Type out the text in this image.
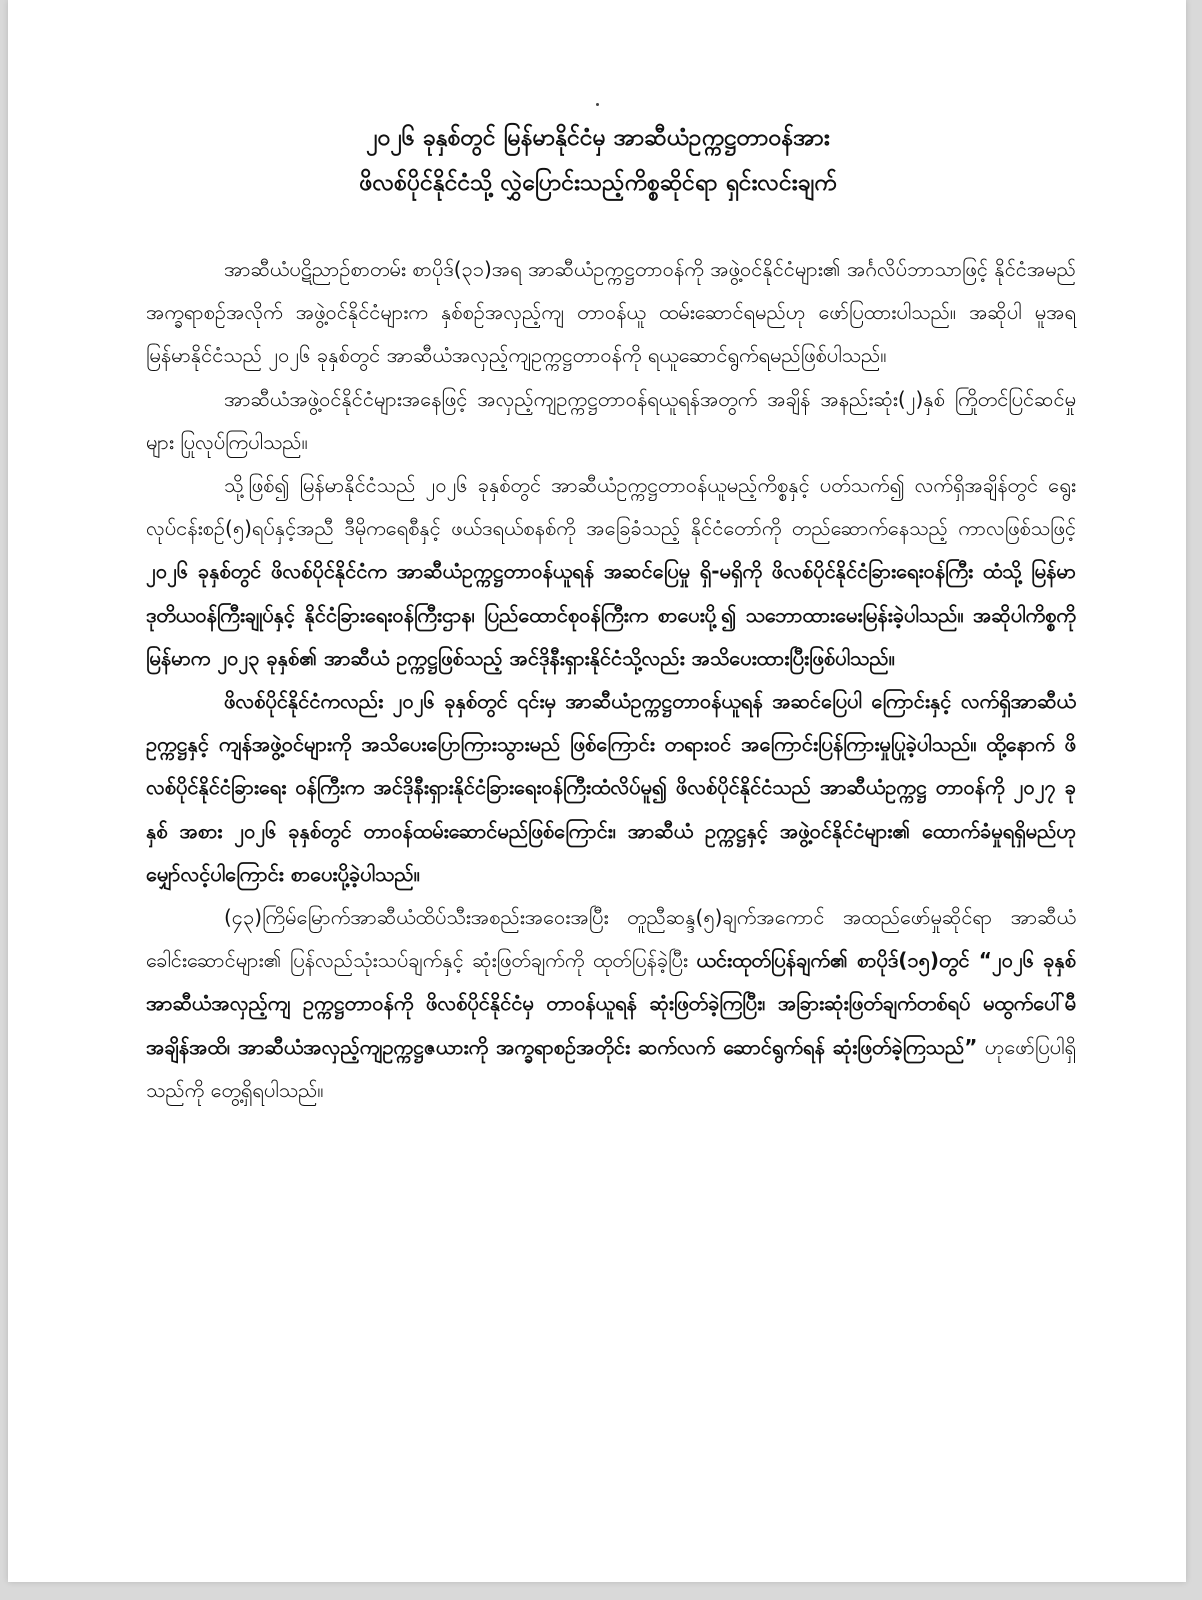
၂၀၂၆ ခုနှစ်တွင် မြန်မာနိုင်ငံမှ အာဆီယံဥက္ကဋ္ဌတာဝန်အား
ဖိလစ်ပိုင်နိုင်ငံသို့ လွှဲပြောင်းသည့်ကိစ္စဆိုင်ရာ ရှင်းလင်းချက်

အာဆီယံပဋိညာဉ်စာတမ်း စာပိုဒ်(၃၁)အရ အာဆီယံဥက္ကဋ္ဌတာဝန်ကို အဖွဲ့ဝင်နိုင်ငံများ၏ အင်္ဂလိပ်ဘာသာဖြင့် နိုင်ငံအမည် အက္ခရာစဉ်အလိုက် အဖွဲ့ဝင်နိုင်ငံများက နှစ်စဉ်အလှည့်ကျ တာဝန်ယူ ထမ်းဆောင်ရမည်ဟု ဖော်ပြထားပါသည်။ အဆိုပါ မူအရ မြန်မာနိုင်ငံသည် ၂၀၂၆ ခုနှစ်တွင် အာဆီယံအလှည့်ကျဥက္ကဋ္ဌတာဝန်ကို ရယူဆောင်ရွက်ရမည်ဖြစ်ပါသည်။

အာဆီယံအဖွဲ့ဝင်နိုင်ငံများအနေဖြင့် အလှည့်ကျဥက္ကဋ္ဌတာဝန်ရယူရန်အတွက် အချိန် အနည်းဆုံး(၂)နှစ် ကြိုတင်ပြင်ဆင်မှုများ ပြုလုပ်ကြပါသည်။

သို့ဖြစ်၍ မြန်မာနိုင်ငံသည် ၂၀၂၆ ခုနှစ်တွင် အာဆီယံဥက္ကဋ္ဌတာဝန်ယူမည့်ကိစ္စနှင့် ပတ်သက်၍ လက်ရှိအချိန်တွင် ရွေးလုပ်ငန်းစဉ်(၅)ရပ်နှင့်အညီ ဒီမိုကရေစီနှင့် ဖယ်ဒရယ်စနစ်ကို အခြေခံသည့် နိုင်ငံတော်ကို တည်ဆောက်နေသည့် ကာလဖြစ်သဖြင့် ၂၀၂၆ ခုနှစ်တွင် ဖိလစ်ပိုင်နိုင်ငံက အာဆီယံဥက္ကဋ္ဌတာဝန်ယူရန် အဆင်ပြေမှု ရှိ-မရှိကို ဖိလစ်ပိုင်နိုင်ငံခြားရေးဝန်ကြီး ထံသို့ မြန်မာ ဒုတိယဝန်ကြီးချုပ်နှင့် နိုင်ငံခြားရေးဝန်ကြီးဌာန၊ ပြည်ထောင်စုဝန်ကြီးက စာပေးပို့၍ သဘောထားမေးမြန်းခဲ့ပါသည်။ အဆိုပါကိစ္စကို မြန်မာက ၂၀၂၃ ခုနှစ်၏ အာဆီယံ ဥက္ကဋ္ဌဖြစ်သည့် အင်ဒိုနီးရှားနိုင်ငံသို့လည်း အသိပေးထားပြီးဖြစ်ပါသည်။

ဖိလစ်ပိုင်နိုင်ငံကလည်း ၂၀၂၆ ခုနှစ်တွင် ၎င်းမှ အာဆီယံဥက္ကဋ္ဌတာဝန်ယူရန် အဆင်ပြေပါ ကြောင်းနှင့် လက်ရှိအာဆီယံဥက္ကဋ္ဌနှင့် ကျန်အဖွဲ့ဝင်များကို အသိပေးပြောကြားသွားမည် ဖြစ်ကြောင်း တရားဝင် အကြောင်းပြန်ကြားမှုပြုခဲ့ပါသည်။ ထို့နောက် ဖိလစ်ပိုင်နိုင်ငံခြားရေး ဝန်ကြီးက အင်ဒိုနီးရှားနိုင်ငံခြားရေးဝန်ကြီးထံလိပ်မူ၍ ဖိလစ်ပိုင်နိုင်ငံသည် အာဆီယံဥက္ကဋ္ဌ တာဝန်ကို ၂၀၂၇ ခုနှစ် အစား ၂၀၂၆ ခုနှစ်တွင် တာဝန်ထမ်းဆောင်မည်ဖြစ်ကြောင်း၊ အာဆီယံ ဥက္ကဋ္ဌနှင့် အဖွဲ့ဝင်နိုင်ငံများ၏ ထောက်ခံမှုရရှိမည်ဟု မျှော်လင့်ပါကြောင်း စာပေးပို့ခဲ့ပါသည်။

(၄၃)ကြိမ်မြောက်အာဆီယံထိပ်သီးအစည်းအဝေးအပြီး တူညီဆန္ဒ(၅)ချက်အကောင် အထည်ဖော်မှုဆိုင်ရာ အာဆီယံခေါင်းဆောင်များ၏ ပြန်လည်သုံးသပ်ချက်နှင့် ဆုံးဖြတ်ချက်ကို ထုတ်ပြန်ခဲ့ပြီး ယင်းထုတ်ပြန်ချက်၏ စာပိုဒ်(၁၅)တွင် “၂၀၂၆ ခုနှစ် အာဆီယံအလှည့်ကျ ဥက္ကဋ္ဌတာဝန်ကို ဖိလစ်ပိုင်နိုင်ငံမှ တာဝန်ယူရန် ဆုံးဖြတ်ခဲ့ကြပြီး၊ အခြားဆုံးဖြတ်ချက်တစ်ရပ် မထွက်ပေါ်မီအချိန်အထိ၊ အာဆီယံအလှည့်ကျဥက္ကဋ္ဌဇယားကို အက္ခရာစဉ်အတိုင်း ဆက်လက် ဆောင်ရွက်ရန် ဆုံးဖြတ်ခဲ့ကြသည်” ဟုဖော်ပြပါရှိသည်ကို တွေ့ရှိရပါသည်။
